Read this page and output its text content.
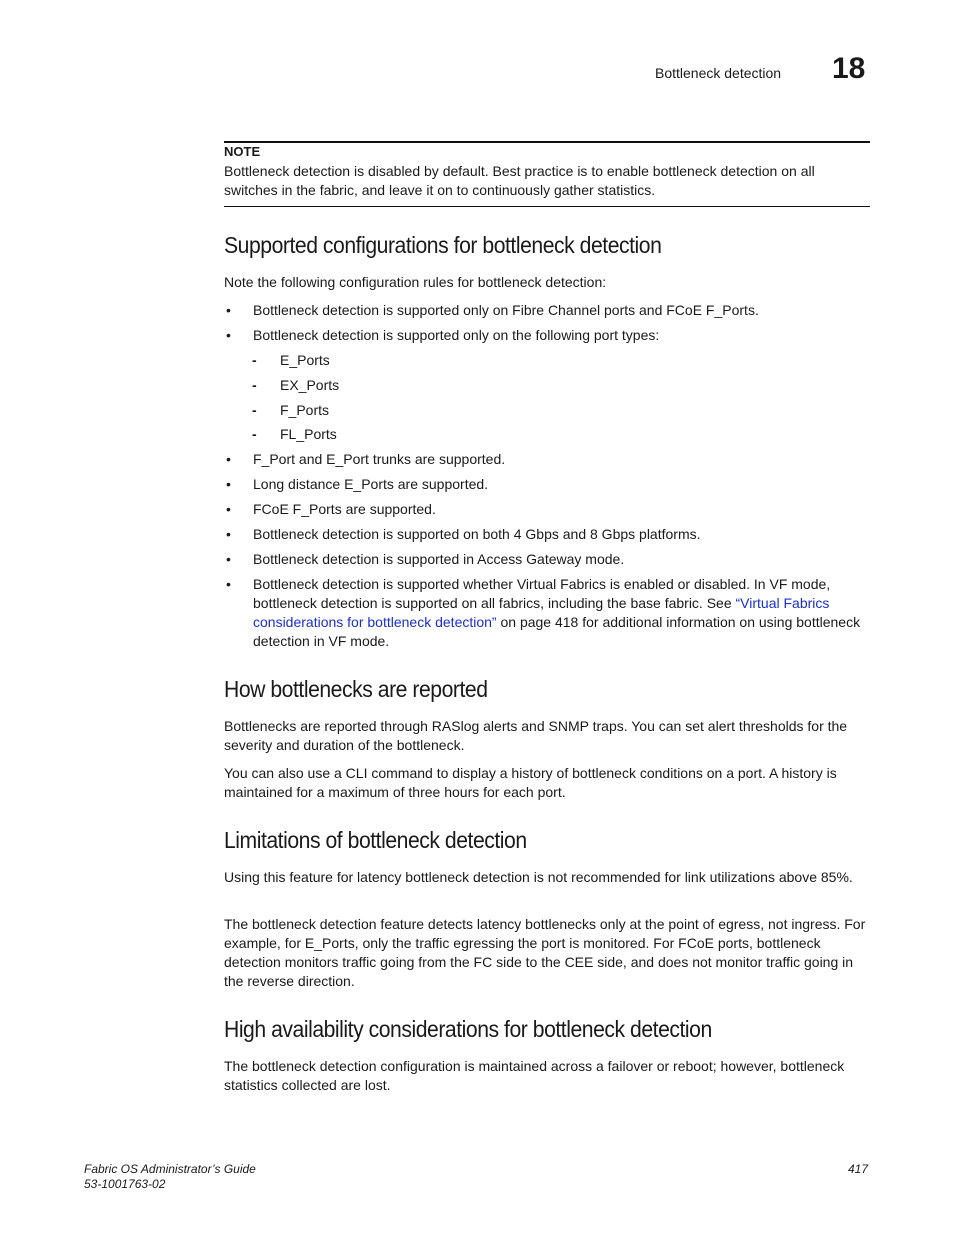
Bottleneck detection 18
NOTE
Bottleneck detection is disabled by default. Best practice is to enable bottleneck detection on all switches in the fabric, and leave it on to continuously gather statistics.
Supported configurations for bottleneck detection

Note the following configuration rules for bottleneck detection:

• Bottleneck detection is supported only on Fibre Channel ports and FCoE F_Ports.
• Bottleneck detection is supported only on the following port types:
- E_Ports
- EX_Ports
- F_Ports
- FL_Ports
• F_Port and E_Port trunks are supported.
• Long distance E_Ports are supported.
• FCoE F_Ports are supported.
• Bottleneck detection is supported on both 4 Gbps and 8 Gbps platforms.
• Bottleneck detection is supported in Access Gateway mode.
• Bottleneck detection is supported whether Virtual Fabrics is enabled or disabled. In VF mode, bottleneck detection is supported on all fabrics, including the base fabric. See “Virtual Fabrics considerations for bottleneck detection” on page 418 for additional information on using bottleneck detection in VF mode.
How bottlenecks are reported

Bottlenecks are reported through RASlog alerts and SNMP traps. You can set alert thresholds for the severity and duration of the bottleneck.

You can also use a CLI command to display a history of bottleneck conditions on a port. A history is maintained for a maximum of three hours for each port.

Limitations of bottleneck detection

Using this feature for latency bottleneck detection is not recommended for link utilizations above 85%.

The bottleneck detection feature detects latency bottlenecks only at the point of egress, not ingress. For example, for E_Ports, only the traffic egressing the port is monitored. For FCoE ports, bottleneck detection monitors traffic going from the FC side to the CEE side, and does not monitor traffic going in the reverse direction.

High availability considerations for bottleneck detection

The bottleneck detection configuration is maintained across a failover or reboot; however, bottleneck statistics collected are lost.

Fabric OS Administrator’s Guide
53-1001763-02
417
